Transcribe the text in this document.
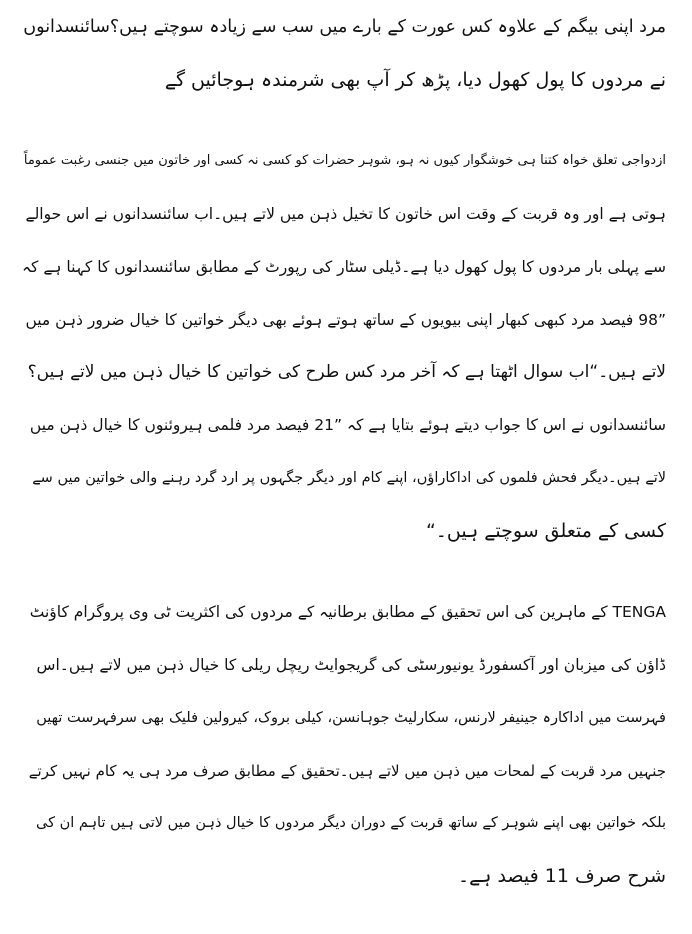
مرد اپنی بیگم کے علاوہ کس عورت کے بارے میں سب سے زیادہ سوچتے ہیں؟سائنسدانوں
نے مردوں کا پول کھول دیا، پڑھ کر آپ بھی شرمندہ ہوجائیں گے
ازدواجی تعلق خواہ کتنا ہی خوشگوار کیوں نہ ہو، شوہر حضرات کو کسی نہ کسی اور خاتون میں جنسی رغبت عموماً
ہوتی ہے اور وہ قربت کے وقت اس خاتون کا تخیل ذہن میں لاتے ہیں۔اب سائنسدانوں نے اس حوالے
سے پہلی بار مردوں کا پول کھول دیا ہے۔ڈیلی سٹار کی رپورٹ کے مطابق سائنسدانوں کا کہنا ہے کہ
”98 فیصد مرد کبھی کبھار اپنی بیویوں کے ساتھ ہوتے ہوئے بھی دیگر خواتین کا خیال ضرور ذہن میں
لاتے ہیں۔“اب سوال اٹھتا ہے کہ آخر مرد کس طرح کی خواتین کا خیال ذہن میں لاتے ہیں؟
سائنسدانوں نے اس کا جواب دیتے ہوئے بتایا ہے کہ ”21 فیصد مرد فلمی ہیروئنوں کا خیال ذہن میں
لاتے ہیں۔دیگر فحش فلموں کی اداکاراؤں، اپنے کام اور دیگر جگہوں پر ارد گرد رہنے والی خواتین میں سے
کسی کے متعلق سوچتے ہیں۔“
TENGA کے ماہرین کی اس تحقیق کے مطابق برطانیہ کے مردوں کی اکثریت ٹی وی پروگرام کاؤنٹ
ڈاؤن کی میزبان اور آکسفورڈ یونیورسٹی کی گریجوایٹ ریچل ریلی کا خیال ذہن میں لاتے ہیں۔اس
فہرست میں اداکارہ جینیفر لارنس، سکارلیٹ جوہانسن، کیلی بروک، کیرولین فلیک بھی سرفہرست تھیں
جنہیں مرد قربت کے لمحات میں ذہن میں لاتے ہیں۔تحقیق کے مطابق صرف مرد ہی یہ کام نہیں کرتے
بلکہ خواتین بھی اپنے شوہر کے ساتھ قربت کے دوران دیگر مردوں کا خیال ذہن میں لاتی ہیں تاہم ان کی
شرح صرف 11 فیصد ہے۔
